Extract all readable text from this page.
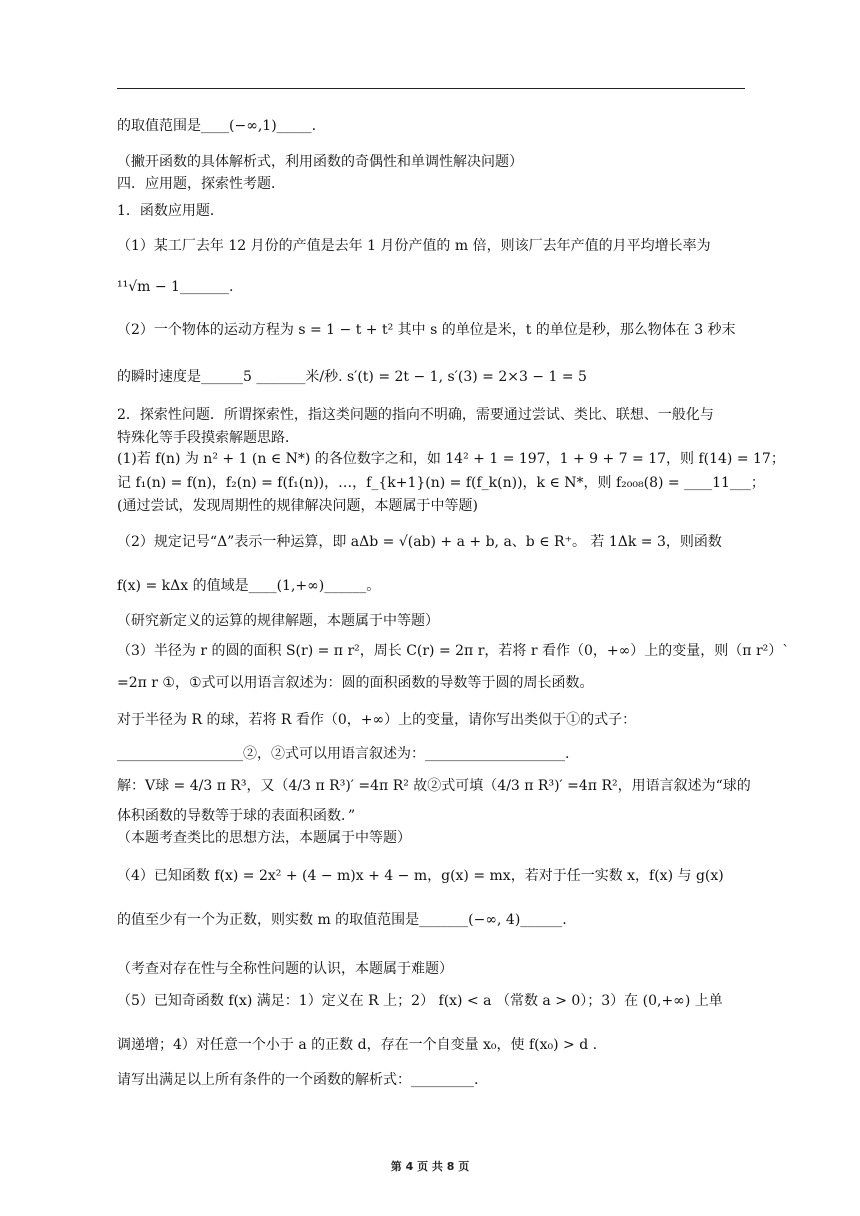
的取值范围是____(−∞,1)_____.
（撇开函数的具体解析式，利用函数的奇偶性和单调性解决问题）
四．应用题，探索性考题．
1．函数应用题．
（1）某工厂去年 12 月份的产值是去年 1 月份产值的 m 倍，则该厂去年产值的月平均增长率为
¹¹√m − 1_______.
（2）一个物体的运动方程为 s = 1 − t + t² 其中 s 的单位是米，t 的单位是秒，那么物体在 3 秒末
的瞬时速度是______5 _______米/秒. s′(t) = 2t − 1, s′(3) = 2×3 − 1 = 5
2．探索性问题．所谓探索性，指这类问题的指向不明确，需要通过尝试、类比、联想、一般化与
特殊化等手段摸索解题思路．
(1)若 f(n) 为 n² + 1 (n ∈ N*) 的各位数字之和，如 14² + 1 = 197，1 + 9 + 7 = 17，则 f(14) = 17；
记 f₁(n) = f(n)，f₂(n) = f(f₁(n))，…，f_{k+1}(n) = f(f_k(n))，k ∈ N*，则 f₂₀₀₈(8) = ____11___；
(通过尝试，发现周期性的规律解决问题，本题属于中等题)
（2）规定记号“Δ”表示一种运算，即 aΔb = √(ab) + a + b, a、b ∈ R⁺。 若 1Δk = 3，则函数
f(x) = kΔx 的值域是____(1,+∞)______。
（研究新定义的运算的规律解题，本题属于中等题）
（3）半径为 r 的圆的面积 S(r) = π r²，周长 C(r) = 2π r，若将 r 看作（0，+∞）上的变量，则（π r²）`
=2π r ①，①式可以用语言叙述为：圆的面积函数的导数等于圆的周长函数。
对于半径为 R 的球，若将 R 看作（0，+∞）上的变量，请你写出类似于①的式子：
__________________②，②式可以用语言叙述为：____________________.
解：V球 = 4/3 π R³，又（4/3 π R³)′ =4π R² 故②式可填（4/3 π R³)′ =4π R²，用语言叙述为“球的
体积函数的导数等于球的表面积函数．”
（本题考查类比的思想方法，本题属于中等题）
（4）已知函数 f(x) = 2x² + (4 − m)x + 4 − m，g(x) = mx，若对于任一实数 x，f(x) 与 g(x)
的值至少有一个为正数，则实数 m 的取值范围是_______(−∞, 4)______.
（考查对存在性与全称性问题的认识，本题属于难题）
（5）已知奇函数 f(x) 满足：1）定义在 R 上；2） f(x) < a （常数 a > 0）；3）在 (0,+∞) 上单
调递增；4）对任意一个小于 a 的正数 d，存在一个自变量 x₀，使 f(x₀) > d .
请写出满足以上所有条件的一个函数的解析式：_________.
第 4 页 共 8 页
